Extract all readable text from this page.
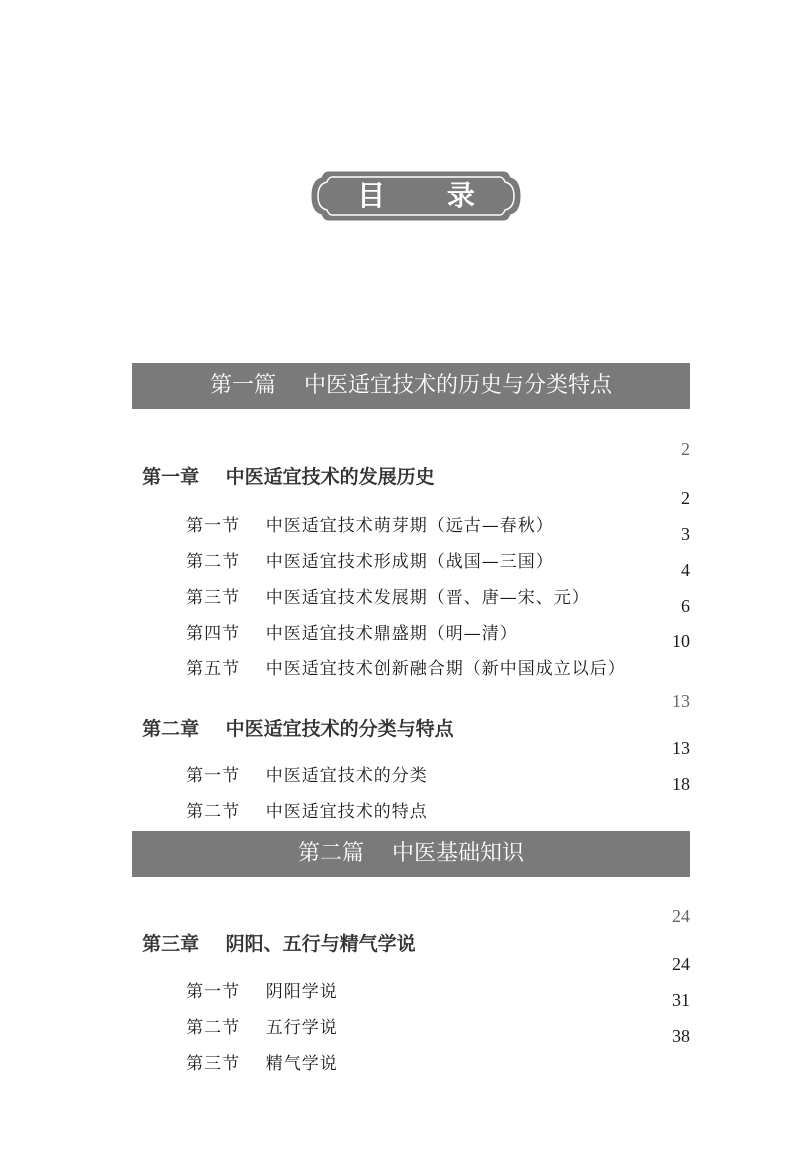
目 录
第一篇    中医适宜技术的历史与分类特点

第一章    中医适宜技术的发展历史

2

第一节    中医适宜技术萌芽期（远古—春秋）

2

第二节    中医适宜技术形成期（战国—三国）

3

第三节    中医适宜技术发展期（晋、唐—宋、元）

4

第四节    中医适宜技术鼎盛期（明—清）

6

第五节    中医适宜技术创新融合期（新中国成立以后）

10

第二章    中医适宜技术的分类与特点

13

第一节    中医适宜技术的分类

13

第二节    中医适宜技术的特点

18

第二篇    中医基础知识

第三章    阴阳、五行与精气学说

24

第一节    阴阳学说

24

第二节    五行学说

31

第三节    精气学说

38
